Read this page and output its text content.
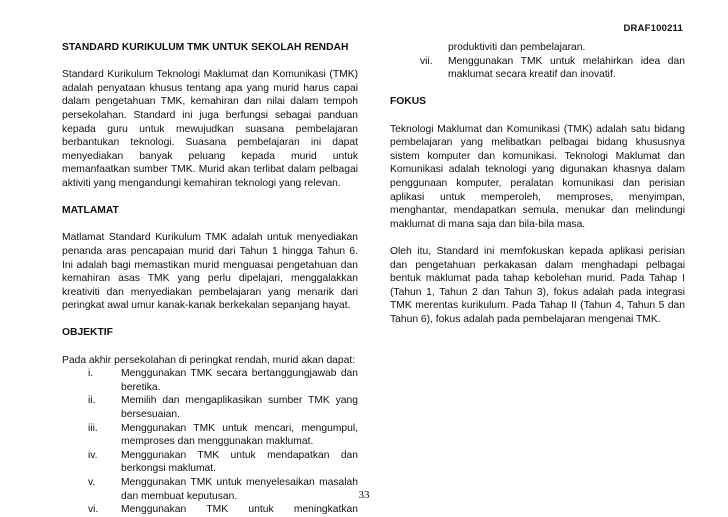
DRAF100211

STANDARD KURIKULUM TMK UNTUK SEKOLAH RENDAH

Standard Kurikulum Teknologi Maklumat dan Komunikasi (TMK) adalah penyataan khusus tentang apa yang murid harus capai dalam pengetahuan TMK, kemahiran dan nilai dalam tempoh persekolahan. Standard ini juga berfungsi sebagai panduan kepada guru untuk mewujudkan suasana pembelajaran berbantukan teknologi. Suasana pembelajaran ini dapat menyediakan banyak peluang kepada murid untuk memanfaatkan sumber TMK. Murid akan terlibat dalam pelbagai aktiviti yang mengandungi kemahiran teknologi yang relevan.

MATLAMAT

Matlamat Standard Kurikulum TMK adalah untuk menyediakan penanda aras pencapaian murid dari Tahun 1 hingga Tahun 6. Ini adalah bagi memastikan murid menguasai pengetahuan dan kemahiran asas TMK yang perlu dipelajari, menggalakkan kreativiti dan menyediakan pembelajaran yang menarik dari peringkat awal umur kanak-kanak berkekalan sepanjang hayat.

OBJEKTIF

Pada akhir persekolahan di peringkat rendah, murid akan dapat:

i.	Menggunakan TMK secara bertanggungjawab dan beretika.
ii.	Memilih dan mengaplikasikan sumber TMK yang bersesuaian.
iii.	Menggunakan TMK untuk mencari, mengumpul, memproses dan menggunakan maklumat.
iv.	Menggunakan TMK untuk mendapatkan dan berkongsi maklumat.
v.	Menggunakan TMK untuk menyelesaikan masalah dan membuat keputusan.
vi.	Menggunakan TMK untuk meningkatkan
produktiviti dan pembelajaran.
vii.	Menggunakan TMK untuk melahirkan idea dan maklumat secara kreatif dan inovatif.

FOKUS

Teknologi Maklumat dan Komunikasi (TMK) adalah satu bidang pembelajaran yang melibatkan pelbagai bidang khususnya sistem komputer dan komunikasi. Teknologi Maklumat dan Komunikasi adalah teknologi yang digunakan khasnya dalam penggunaan komputer, peralatan komunikasi dan perisian aplikasi untuk memperoleh, memproses, menyimpan, menghantar, mendapatkan semula, menukar dan melindungi maklumat di mana saja dan bila-bila masa.

Oleh itu, Standard ini memfokuskan kepada aplikasi perisian dan pengetahuan perkakasan dalam menghadapi pelbagai bentuk maklumat pada tahap kebolehan murid. Pada Tahap I (Tahun 1, Tahun 2 dan Tahun 3), fokus adalah pada integrasi TMK merentas kurikulum. Pada Tahap II (Tahun 4, Tahun 5 dan Tahun 6), fokus adalah pada pembelajaran mengenai TMK.

33
